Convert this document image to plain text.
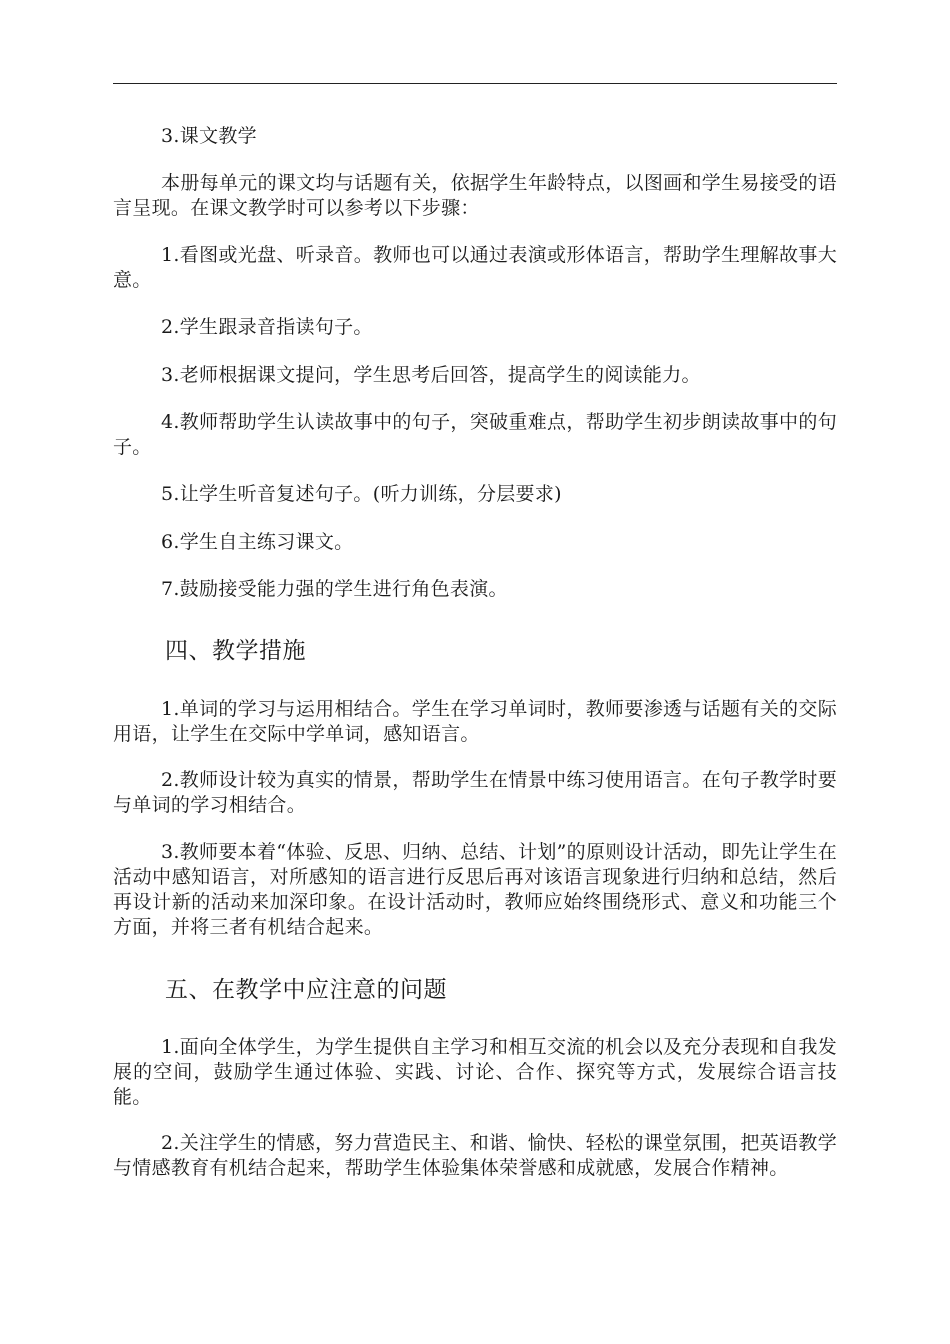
3.课文教学

本册每单元的课文均与话题有关，依据学生年龄特点，以图画和学生易接受的语言呈现。在课文教学时可以参考以下步骤：

1.看图或光盘、听录音。教师也可以通过表演或形体语言，帮助学生理解故事大意。

2.学生跟录音指读句子。

3.老师根据课文提问，学生思考后回答，提高学生的阅读能力。

4.教师帮助学生认读故事中的句子，突破重难点，帮助学生初步朗读故事中的句子。

5.让学生听音复述句子。(听力训练，分层要求)

6.学生自主练习课文。

7.鼓励接受能力强的学生进行角色表演。

四、教学措施

1.单词的学习与运用相结合。学生在学习单词时，教师要渗透与话题有关的交际用语，让学生在交际中学单词，感知语言。

2.教师设计较为真实的情景，帮助学生在情景中练习使用语言。在句子教学时要与单词的学习相结合。

3.教师要本着“体验、反思、归纳、总结、计划”的原则设计活动，即先让学生在活动中感知语言，对所感知的语言进行反思后再对该语言现象进行归纳和总结，然后再设计新的活动来加深印象。在设计活动时，教师应始终围绕形式、意义和功能三个方面，并将三者有机结合起来。

五、在教学中应注意的问题

1.面向全体学生，为学生提供自主学习和相互交流的机会以及充分表现和自我发展的空间，鼓励学生通过体验、实践、讨论、合作、探究等方式，发展综合语言技能。

2.关注学生的情感，努力营造民主、和谐、愉快、轻松的课堂氛围，把英语教学与情感教育有机结合起来，帮助学生体验集体荣誉感和成就感，发展合作精神。
